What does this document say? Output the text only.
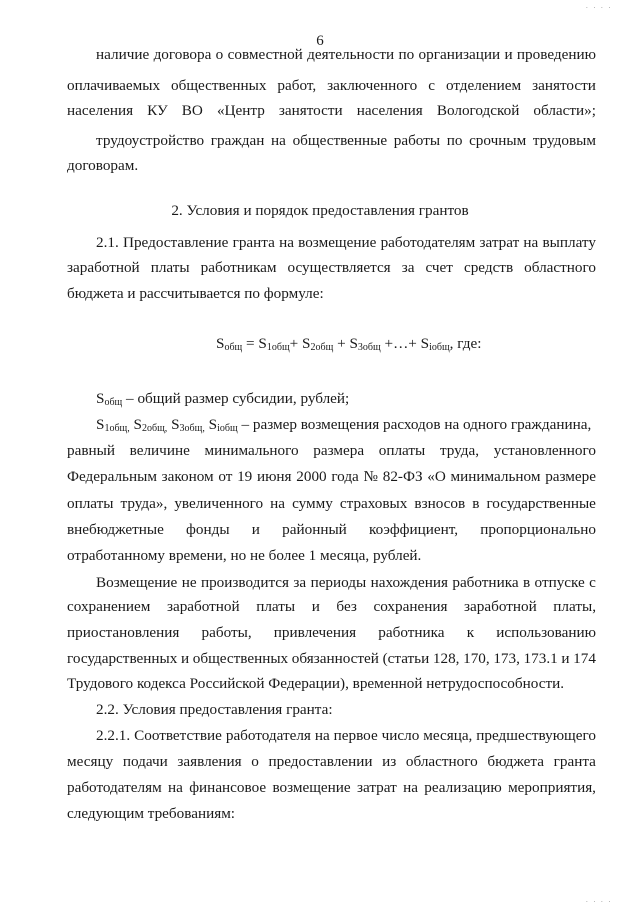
6
наличие договора о совместной деятельности по организации и проведению
оплачиваемых общественных работ, заключенного с отделением занятости
населения КУ ВО «Центр занятости населения Вологодской области»;
трудоустройство граждан на общественные работы по срочным трудовым
договорам.
2. Условия и порядок предоставления грантов
2.1. Предоставление гранта на возмещение работодателям затрат на выплату
заработной платы работникам осуществляется за счет средств областного
бюджета и рассчитывается по формуле:
$S_{общ} = S_{1общ}+ S_{2общ} + S_{3общ}$ +…+ $S_{iобщ}$, где:
$S_{общ}$ – общий размер субсидии, рублей;
$S_{1общ,}$ $S_{2общ,}$ $S_{3общ,}$ $S_{iобщ}$ – размер возмещения расходов на одного гражданина,
равный величине минимального размера оплаты труда, установленного
Федеральным законом от 19 июня 2000 года № 82-ФЗ «О минимальном размере
оплаты труда», увеличенного на сумму страховых взносов в государственные
внебюджетные фонды и районный коэффициент, пропорционально
отработанному времени, но не более 1 месяца, рублей.
Возмещение не производится за периоды нахождения работника в отпуске с
сохранением заработной платы и без сохранения заработной платы,
приостановления работы, привлечения работника к использованию
государственных и общественных обязанностей (статьи 128, 170, 173, 173.1 и 174
Трудового кодекса Российской Федерации), временной нетрудоспособности.
2.2. Условия предоставления гранта:
2.2.1. Соответствие работодателя на первое число месяца, предшествующего
месяцу подачи заявления о предоставлении из областного бюджета гранта
работодателям на финансовое возмещение затрат на реализацию мероприятия,
следующим требованиям:
. . . .
. . . .
